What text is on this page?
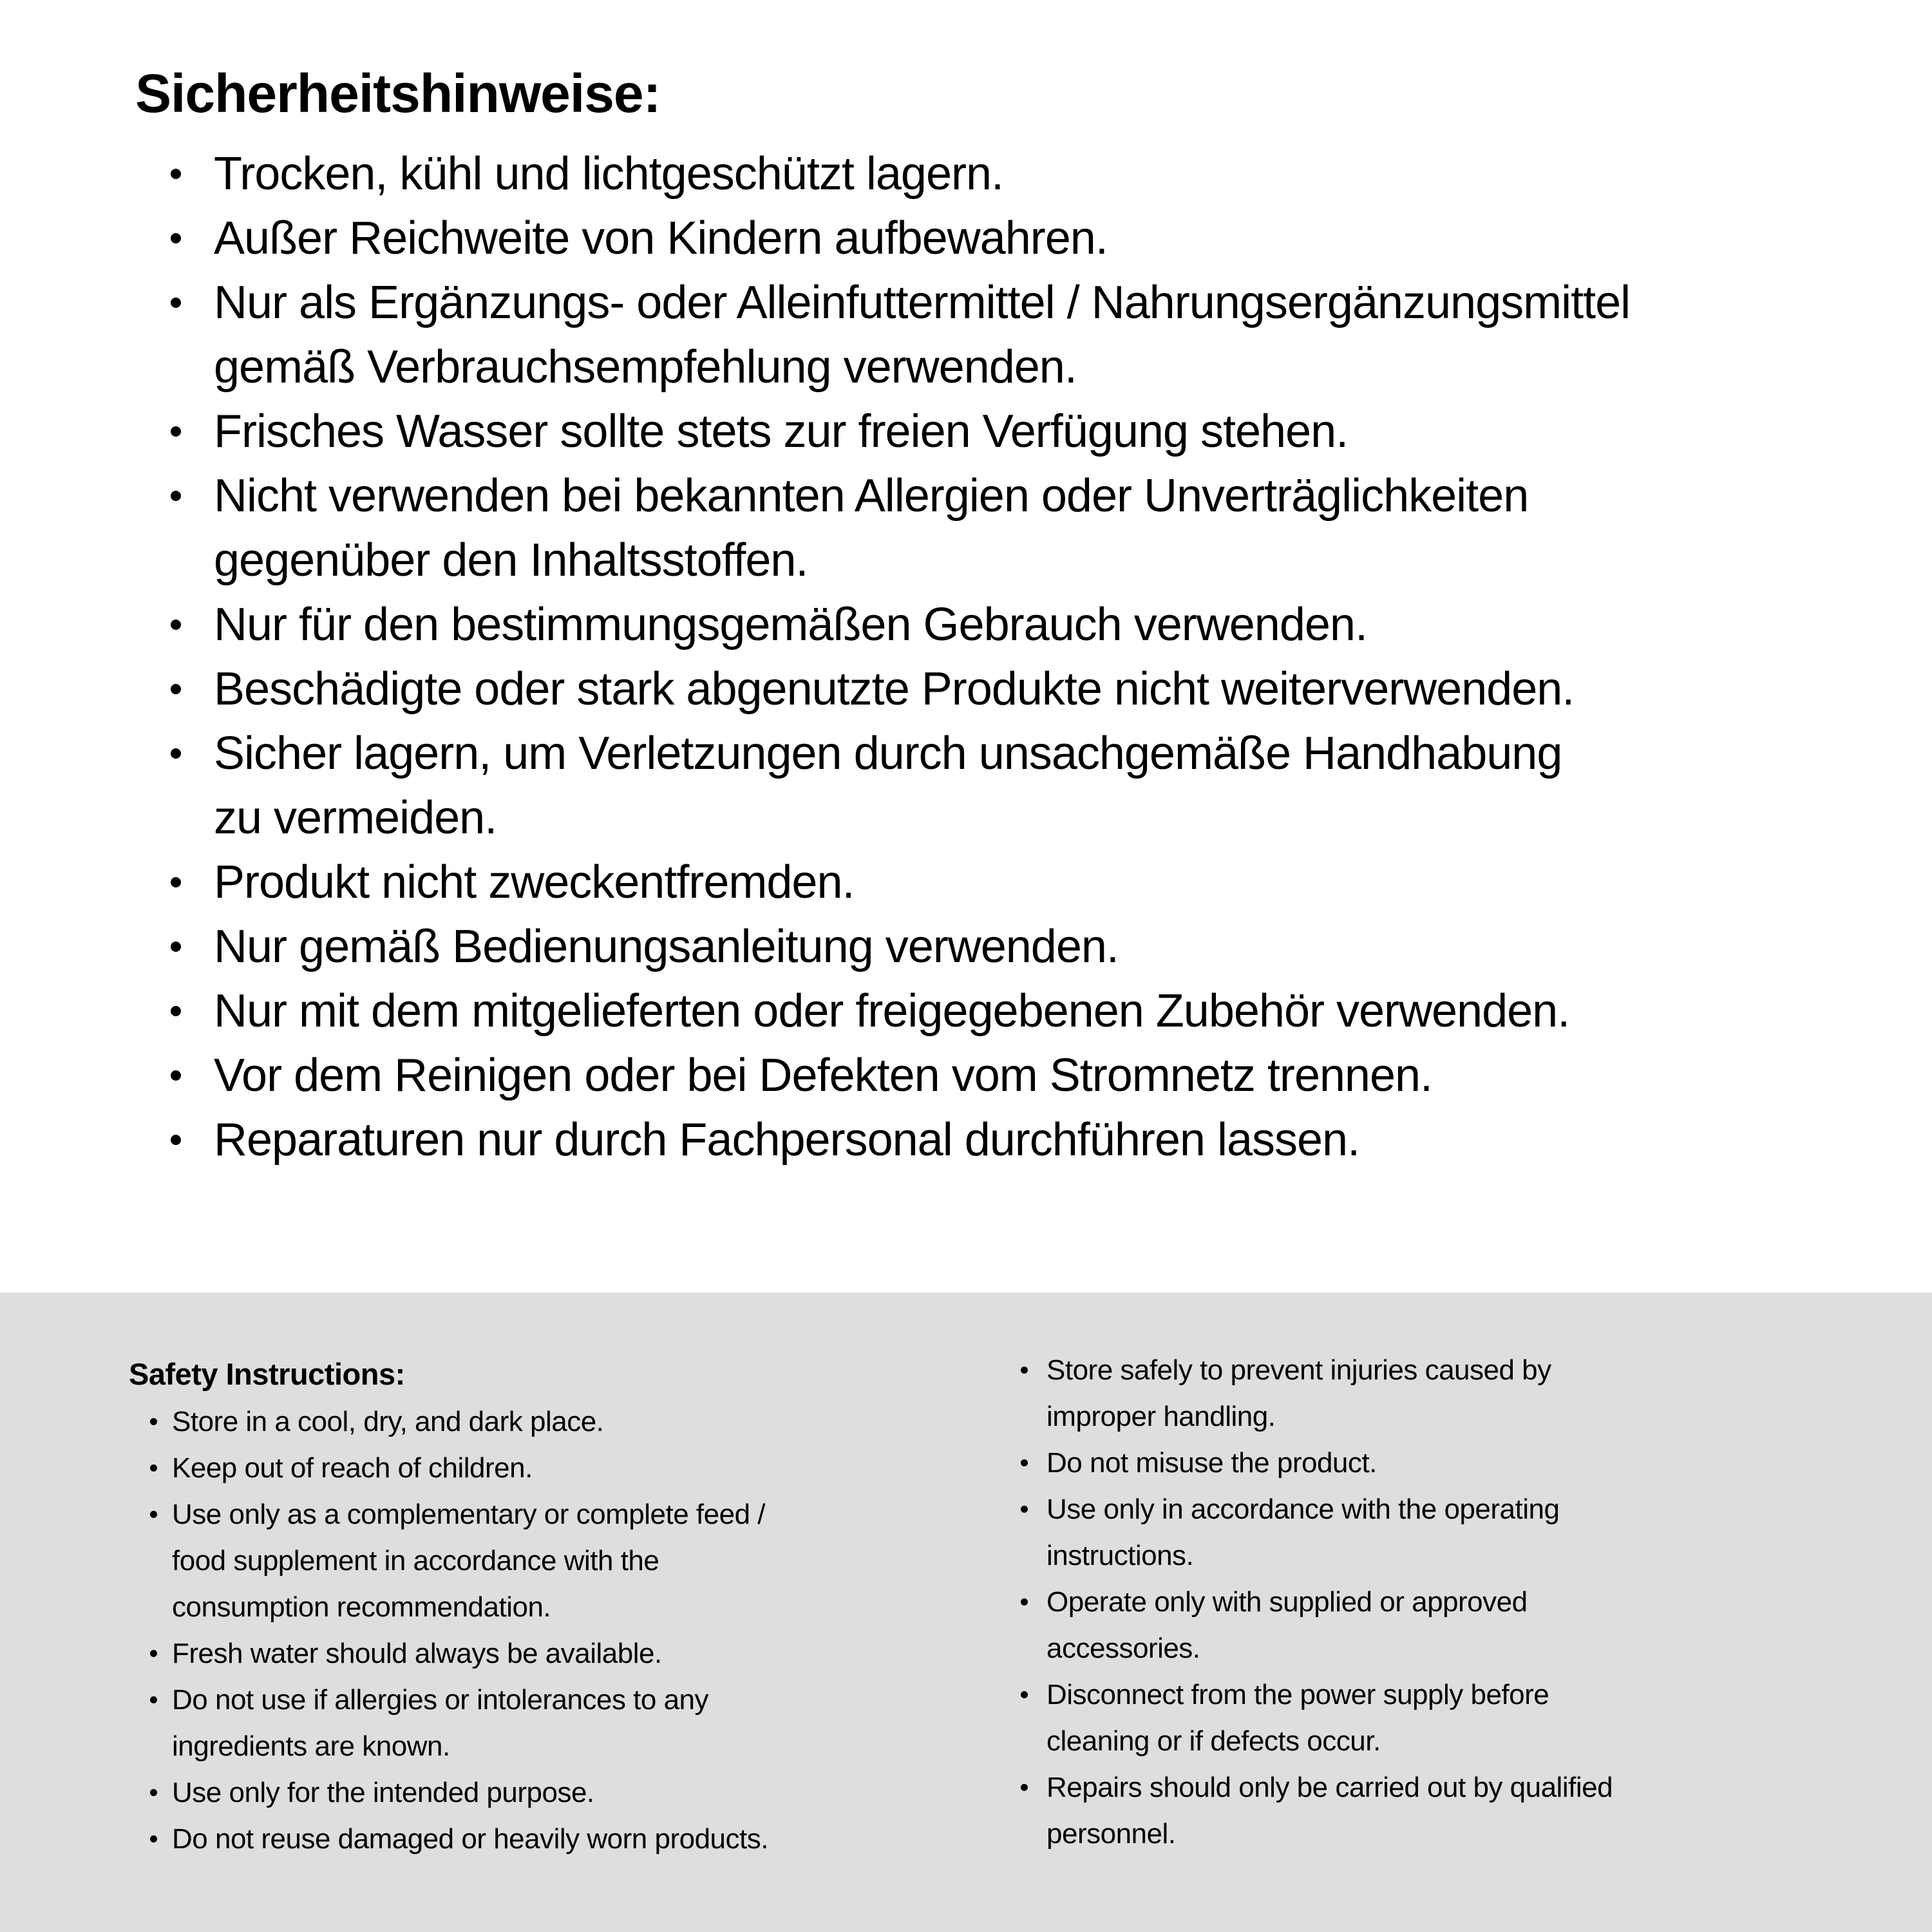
Sicherheitshinweise:
Trocken, kühl und lichtgeschützt lagern.
Außer Reichweite von Kindern aufbewahren.
Nur als Ergänzungs- oder Alleinfuttermittel / Nahrungsergänzungsmittel
gemäß Verbrauchsempfehlung verwenden.
Frisches Wasser sollte stets zur freien Verfügung stehen.
Nicht verwenden bei bekannten Allergien oder Unverträglichkeiten
gegenüber den Inhaltsstoffen.
Nur für den bestimmungsgemäßen Gebrauch verwenden.
Beschädigte oder stark abgenutzte Produkte nicht weiterverwenden.
Sicher lagern, um Verletzungen durch unsachgemäße Handhabung
zu vermeiden.
Produkt nicht zweckentfremden.
Nur gemäß Bedienungsanleitung verwenden.
Nur mit dem mitgelieferten oder freigegebenen Zubehör verwenden.
Vor dem Reinigen oder bei Defekten vom Stromnetz trennen.
Reparaturen nur durch Fachpersonal durchführen lassen.
Safety Instructions:
Store in a cool, dry, and dark place.
Keep out of reach of children.
Use only as a complementary or complete feed /
food supplement in accordance with the
consumption recommendation.
Fresh water should always be available.
Do not use if allergies or intolerances to any
ingredients are known.
Use only for the intended purpose.
Do not reuse damaged or heavily worn products.
Store safely to prevent injuries caused by
improper handling.
Do not misuse the product.
Use only in accordance with the operating
instructions.
Operate only with supplied or approved
accessories.
Disconnect from the power supply before
cleaning or if defects occur.
Repairs should only be carried out by qualified
personnel.
